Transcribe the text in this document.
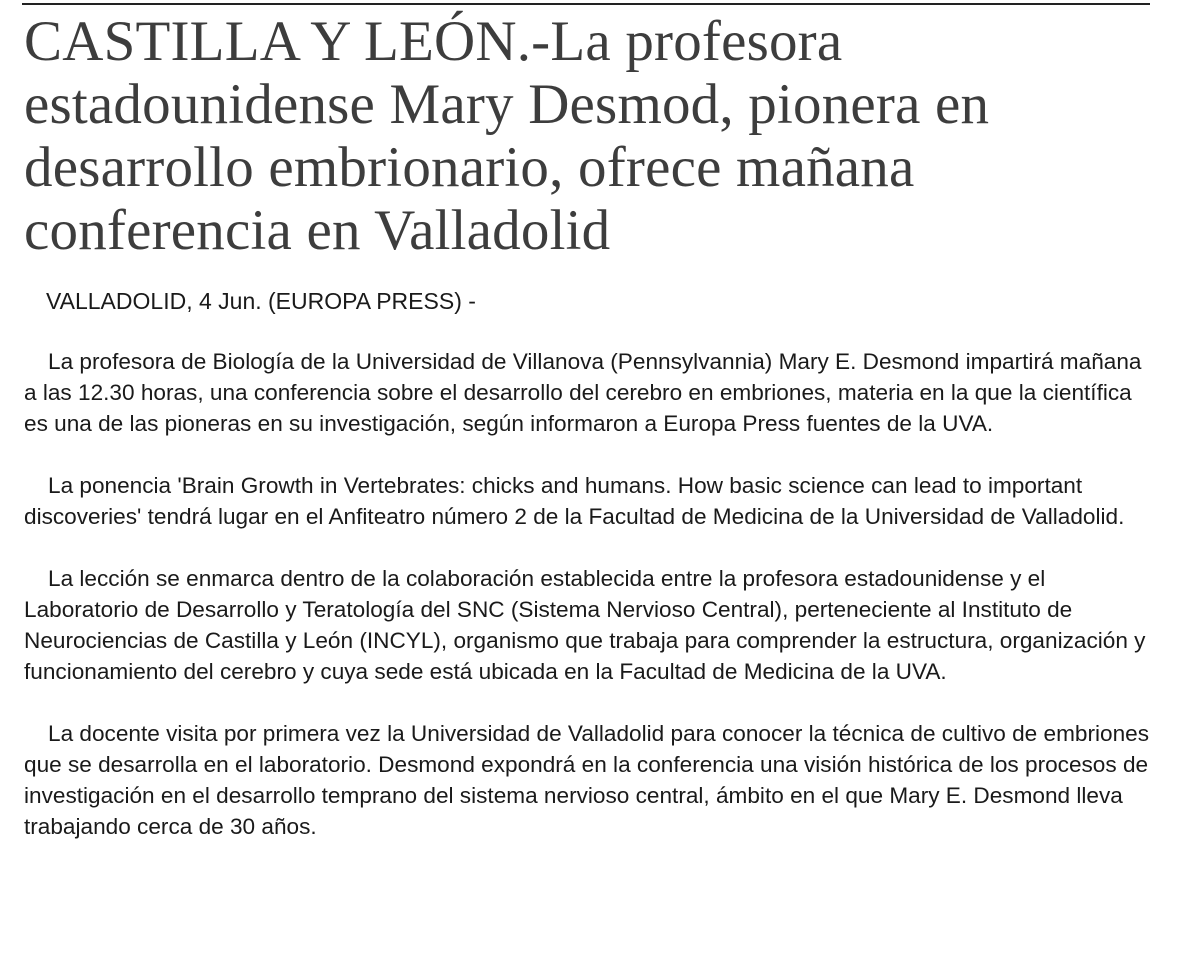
CASTILLA Y LEÓN.-La profesora estadounidense Mary Desmod, pionera en desarrollo embrionario, ofrece mañana conferencia en Valladolid

VALLADOLID, 4 Jun. (EUROPA PRESS) -

La profesora de Biología de la Universidad de Villanova (Pennsylvannia) Mary E. Desmond impartirá mañana a las 12.30 horas, una conferencia sobre el desarrollo del cerebro en embriones, materia en la que la científica es una de las pioneras en su investigación, según informaron a Europa Press fuentes de la UVA.

La ponencia 'Brain Growth in Vertebrates: chicks and humans. How basic science can lead to important discoveries' tendrá lugar en el Anfiteatro número 2 de la Facultad de Medicina de la Universidad de Valladolid.

La lección se enmarca dentro de la colaboración establecida entre la profesora estadounidense y el Laboratorio de Desarrollo y Teratología del SNC (Sistema Nervioso Central), perteneciente al Instituto de Neurociencias de Castilla y León (INCYL), organismo que trabaja para comprender la estructura, organización y funcionamiento del cerebro y cuya sede está ubicada en la Facultad de Medicina de la UVA.

La docente visita por primera vez la Universidad de Valladolid para conocer la técnica de cultivo de embriones que se desarrolla en el laboratorio. Desmond expondrá en la conferencia una visión histórica de los procesos de investigación en el desarrollo temprano del sistema nervioso central, ámbito en el que Mary E. Desmond lleva trabajando cerca de 30 años.
